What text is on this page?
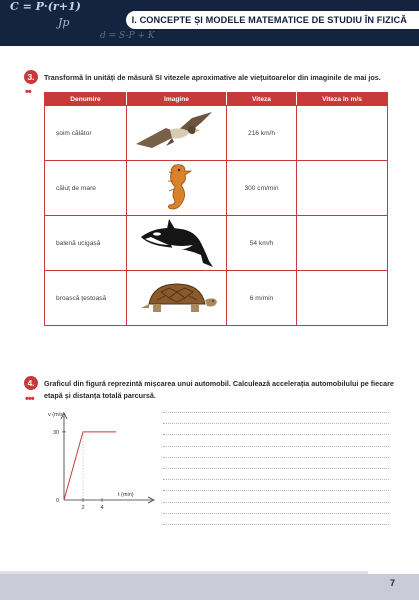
C = P·(r+1)
Jp
d = S-P + K
I. CONCEPTE ȘI MODELE MATEMATICE DE STUDIU ÎN FIZICĂ
3.
••
Transformă în unități de măsură SI vitezele aproximative ale viețuitoarelor din imaginile de mai jos.
Denumire	Imagine	Viteza	Viteza în m/s
șoim călător		216 km/h	
căluț de mare		300 cm/min	
balenă ucigașă		54 km/h	
broască țestoasă		6 m/min	
4.
•••
Graficul din figură reprezintă mișcarea unui automobil. Calculează accelerația automobilului pe fiecare
etapă și distanța totală parcursă.
v (m/s)
t (min)
30
0
2	4
7
